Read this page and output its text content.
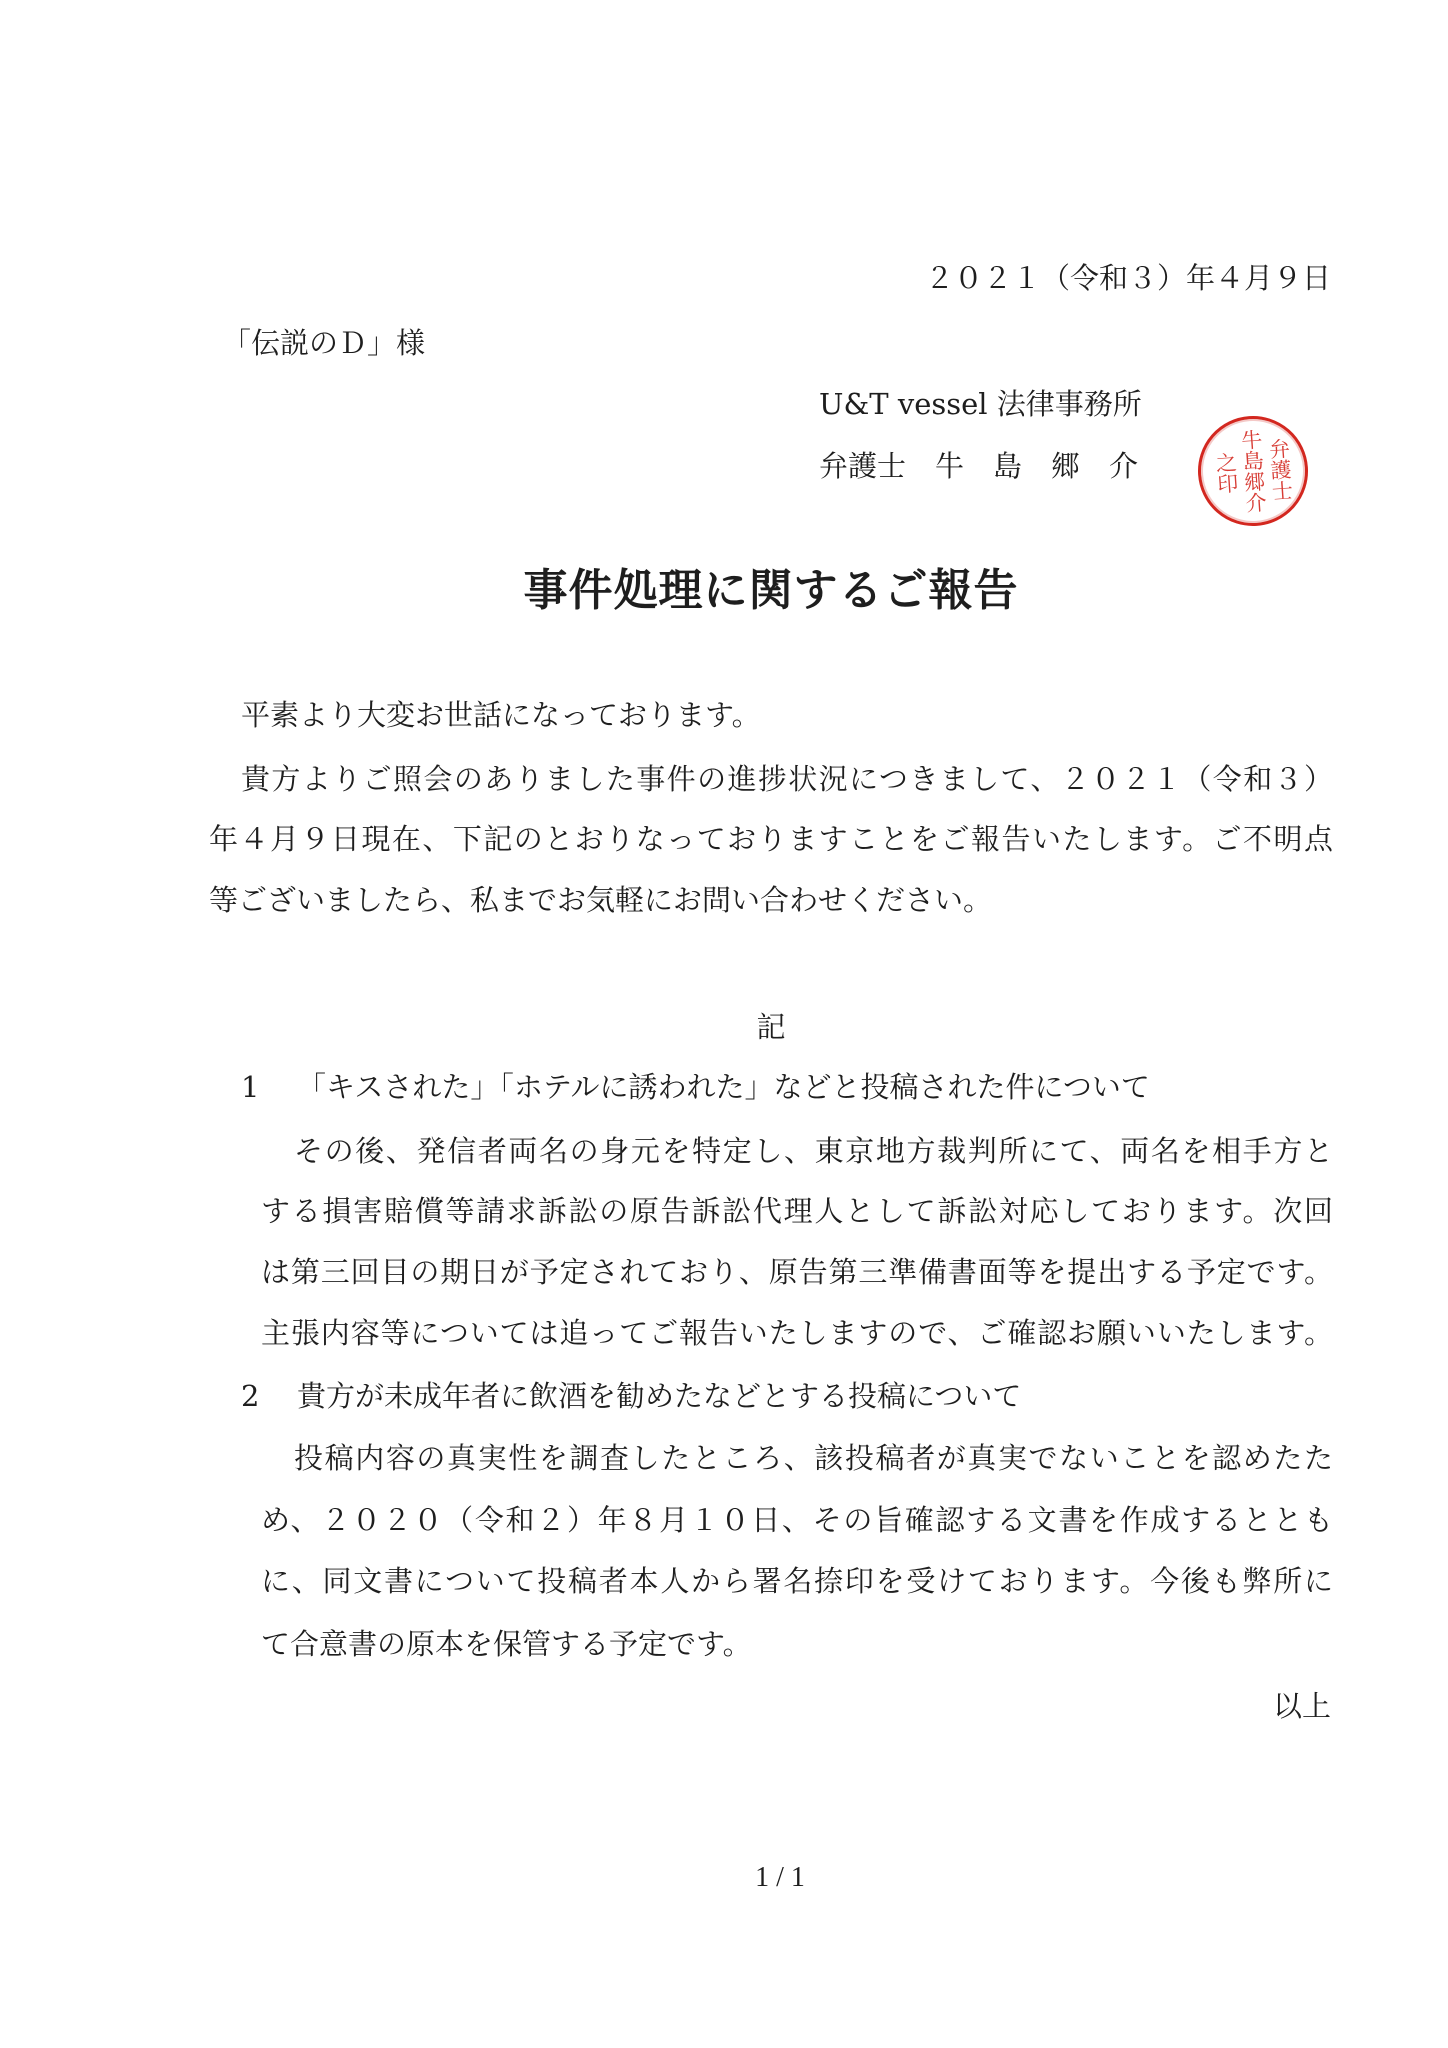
２０２１（令和３）年４月９日
「伝説のＤ」様
U&T vessel 法律事務所
弁護士　牛　島　郷　介	弁護士
牛島郷介
之印
事件処理に関するご報告
平素より大変お世話になっております。
貴方よりご照会のありました事件の進捗状況につきまして、２０２１（令和３）
年４月９日現在、下記のとおりなっておりますことをご報告いたします。ご不明点
等ございましたら、私までお気軽にお問い合わせください。
記
1 「キスされた」「ホテルに誘われた」などと投稿された件について
その後、発信者両名の身元を特定し、東京地方裁判所にて、両名を相手方と
する損害賠償等請求訴訟の原告訴訟代理人として訴訟対応しております。次回
は第三回目の期日が予定されており、原告第三準備書面等を提出する予定です。
主張内容等については追ってご報告いたしますので、ご確認お願いいたします。
2 貴方が未成年者に飲酒を勧めたなどとする投稿について
投稿内容の真実性を調査したところ、該投稿者が真実でないことを認めたた
め、２０２０（令和２）年８月１０日、その旨確認する文書を作成するととも
に、同文書について投稿者本人から署名捺印を受けております。今後も弊所に
て合意書の原本を保管する予定です。
以上
1 / 1
